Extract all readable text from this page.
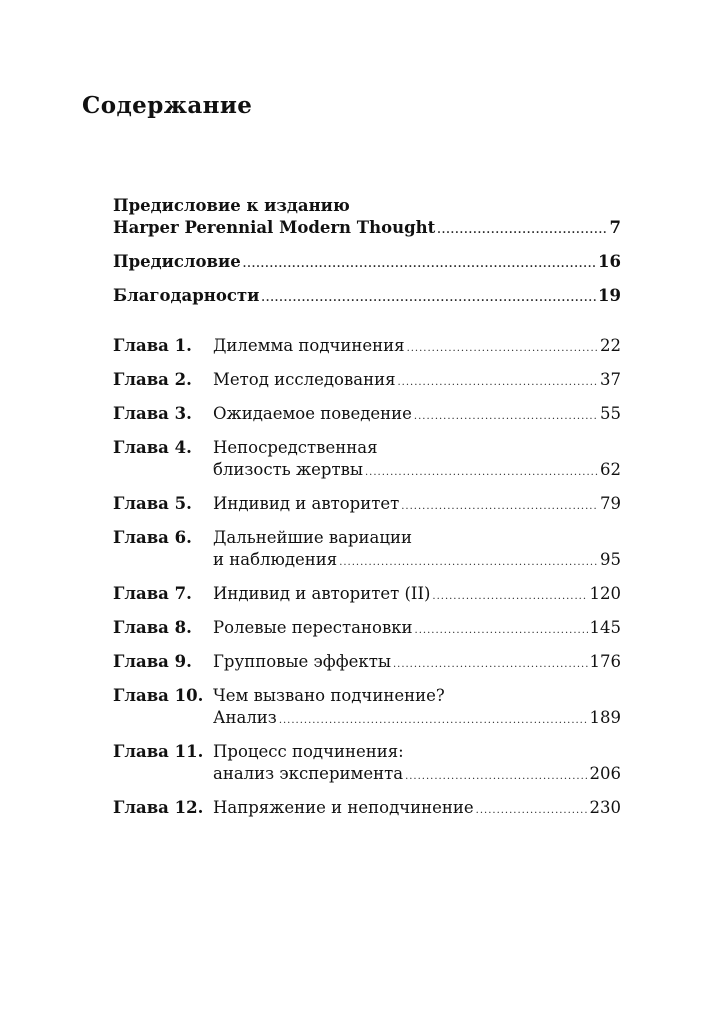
Содержание
Предисловие к изданию
Harper Perennial Modern Thought .....	7
Предисловие .....	16
Благодарности .....	19
Глава 1.	Дилемма подчинения .....	22
Глава 2.	Метод исследования .....	37
Глава 3.	Ожидаемое поведение .....	55
Глава 4.	Непосредственная
близость жертвы .....	62
Глава 5.	Индивид и авторитет .....	79
Глава 6.	Дальнейшие вариации
и наблюдения .....	95
Глава 7.	Индивид и авторитет (II) .....	120
Глава 8.	Ролевые перестановки .....	145
Глава 9.	Групповые эффекты .....	176
Глава 10. Чем вызвано подчинение?
Анализ .....	189
Глава 11. Процесс подчинения:
анализ эксперимента .....	206
Глава 12. Напряжение и неподчинение .....	230
